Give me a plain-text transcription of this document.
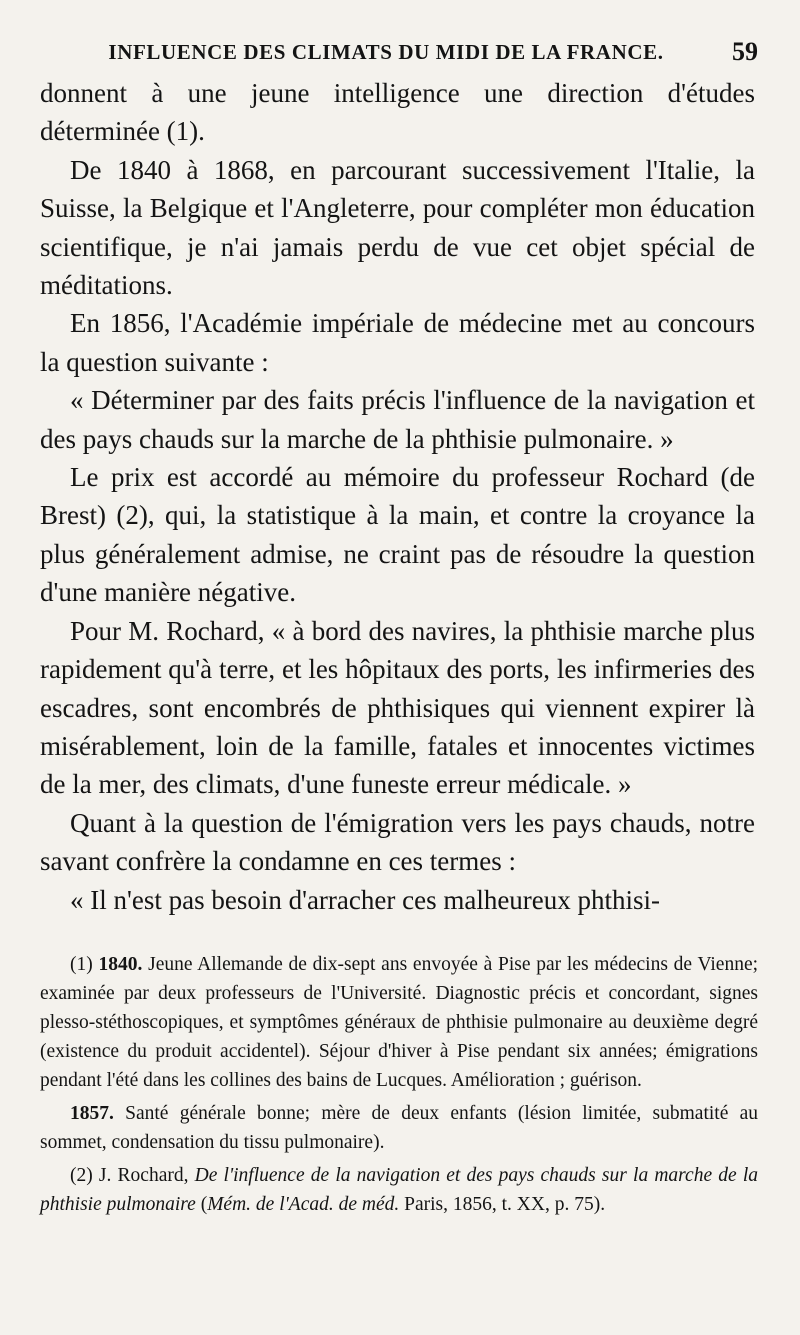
INFLUENCE DES CLIMATS DU MIDI DE LA FRANCE.	59

donnent à une jeune intelligence une direction d'études déterminée (1).

De 1840 à 1868, en parcourant successivement l'Italie, la Suisse, la Belgique et l'Angleterre, pour compléter mon éducation scientifique, je n'ai jamais perdu de vue cet objet spécial de méditations.

En 1856, l'Académie impériale de médecine met au concours la question suivante :

« Déterminer par des faits précis l'influence de la navigation et des pays chauds sur la marche de la phthisie pulmonaire. »

Le prix est accordé au mémoire du professeur Rochard (de Brest) (2), qui, la statistique à la main, et contre la croyance la plus généralement admise, ne craint pas de résoudre la question d'une manière négative.

Pour M. Rochard, « à bord des navires, la phthisie marche plus rapidement qu'à terre, et les hôpitaux des ports, les infirmeries des escadres, sont encombrés de phthisiques qui viennent expirer là misérablement, loin de la famille, fatales et innocentes victimes de la mer, des climats, d'une funeste erreur médicale. »

Quant à la question de l'émigration vers les pays chauds, notre savant confrère la condamne en ces termes :

« Il n'est pas besoin d'arracher ces malheureux phthisi-

(1) 1840. Jeune Allemande de dix-sept ans envoyée à Pise par les médecins de Vienne; examinée par deux professeurs de l'Université. Diagnostic précis et concordant, signes plesso-stéthoscopiques, et symptômes généraux de phthisie pulmonaire au deuxième degré (existence du produit accidentel). Séjour d'hiver à Pise pendant six années; émigrations pendant l'été dans les collines des bains de Lucques. Amélioration ; guérison.

1857. Santé générale bonne; mère de deux enfants (lésion limitée, submatité au sommet, condensation du tissu pulmonaire).

(2) J. Rochard, De l'influence de la navigation et des pays chauds sur la marche de la phthisie pulmonaire (Mém. de l'Acad. de méd. Paris, 1856, t. XX, p. 75).
